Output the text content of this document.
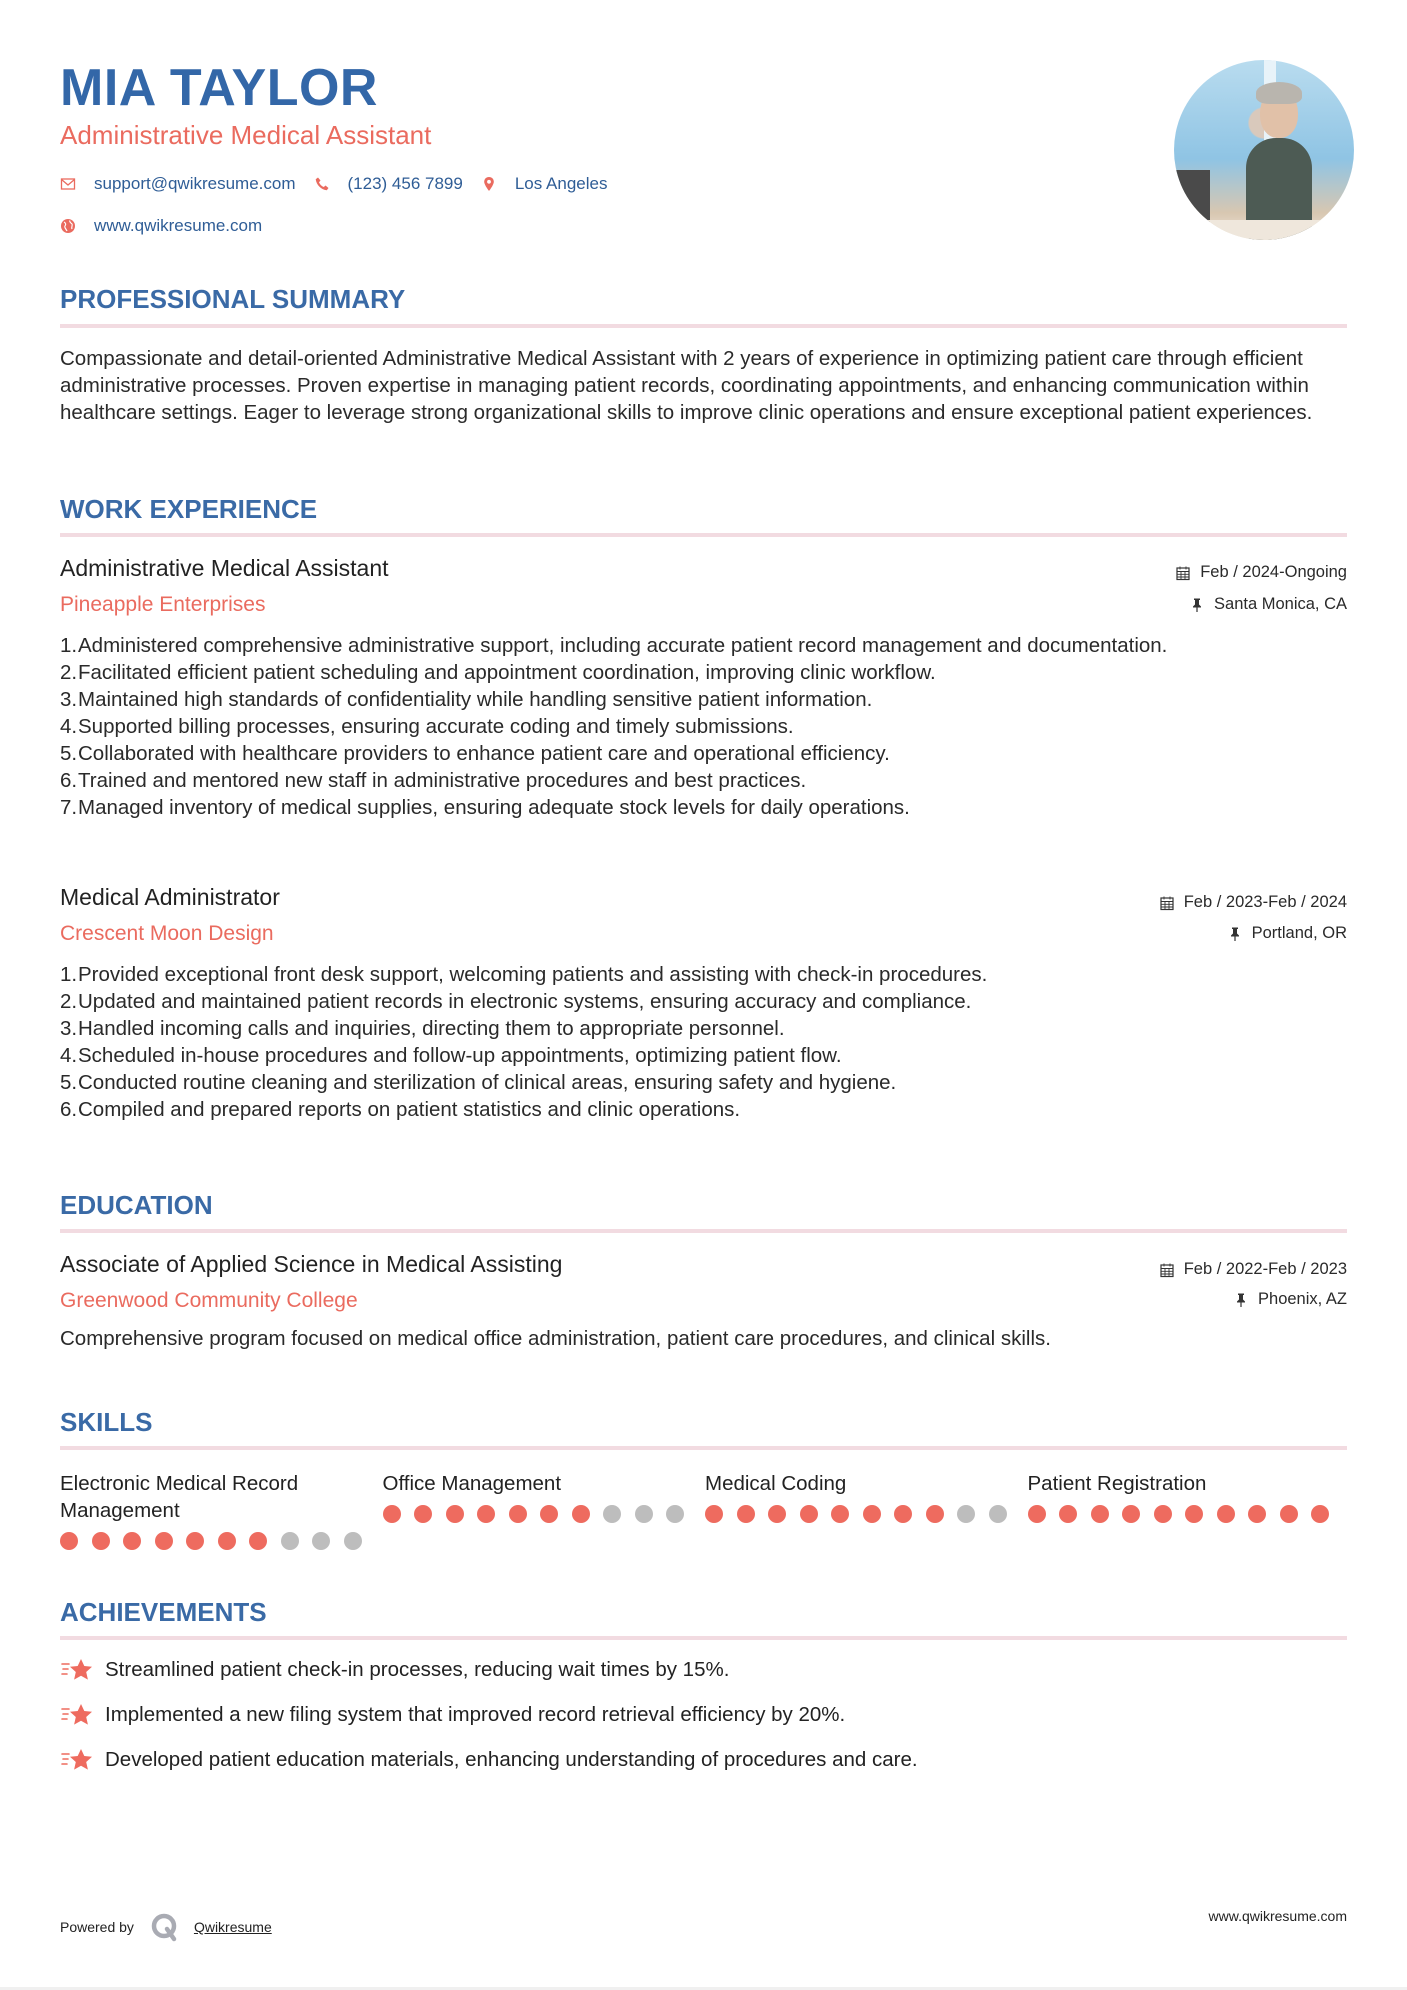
MIA TAYLOR
Administrative Medical Assistant
support@qwikresume.com	(123) 456 7899	Los Angeles
www.qwikresume.com
PROFESSIONAL SUMMARY
Compassionate and detail-oriented Administrative Medical Assistant with 2 years of experience in optimizing patient care through efficient administrative processes. Proven expertise in managing patient records, coordinating appointments, and enhancing communication within healthcare settings. Eager to leverage strong organizational skills to improve clinic operations and ensure exceptional patient experiences.
WORK EXPERIENCE
Administrative Medical Assistant
Pineapple Enterprises
Feb / 2024-Ongoing
Santa Monica, CA
1. Administered comprehensive administrative support, including accurate patient record management and documentation.
2. Facilitated efficient patient scheduling and appointment coordination, improving clinic workflow.
3. Maintained high standards of confidentiality while handling sensitive patient information.
4. Supported billing processes, ensuring accurate coding and timely submissions.
5. Collaborated with healthcare providers to enhance patient care and operational efficiency.
6. Trained and mentored new staff in administrative procedures and best practices.
7. Managed inventory of medical supplies, ensuring adequate stock levels for daily operations.
Medical Administrator
Crescent Moon Design
Feb / 2023-Feb / 2024
Portland, OR
1. Provided exceptional front desk support, welcoming patients and assisting with check-in procedures.
2. Updated and maintained patient records in electronic systems, ensuring accuracy and compliance.
3. Handled incoming calls and inquiries, directing them to appropriate personnel.
4. Scheduled in-house procedures and follow-up appointments, optimizing patient flow.
5. Conducted routine cleaning and sterilization of clinical areas, ensuring safety and hygiene.
6. Compiled and prepared reports on patient statistics and clinic operations.
EDUCATION
Associate of Applied Science in Medical Assisting
Greenwood Community College
Feb / 2022-Feb / 2023
Phoenix, AZ
Comprehensive program focused on medical office administration, patient care procedures, and clinical skills.
SKILLS
Electronic Medical Record Management
Office Management	Medical Coding	Patient Registration
ACHIEVEMENTS
Streamlined patient check-in processes, reducing wait times by 15%.
Implemented a new filing system that improved record retrieval efficiency by 20%.
Developed patient education materials, enhancing understanding of procedures and care.
Powered by	Qwikresume
www.qwikresume.com
